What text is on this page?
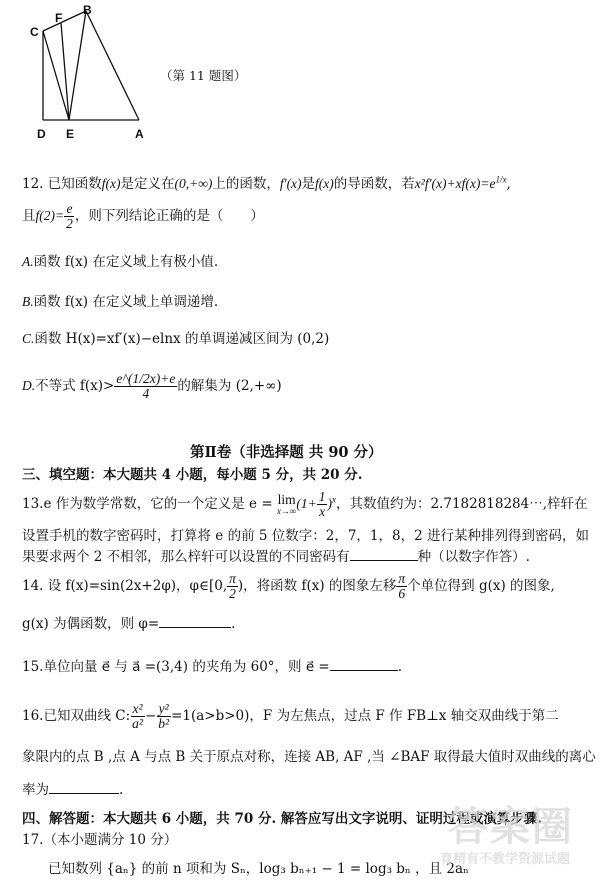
B
F
C
D E	A
（第 11 题图）
12. 已知函数f(x)是定义在(0,+∞)上的函数，f′(x)是f(x)的导函数，若$x^2f'(x)+xf(x)=e^{1/x}$,
且$f(2)= \frac{e}{2}$ ，则下列结论正确的是（　　）
A.函数 f(x) 在定义域上有极小值.
B.函数 f(x) 在定义域上单调递增.
C.函数 H(x)=xf′(x)−elnx 的单调递减区间为 (0,2)
D.不等式 $f(x)> \frac{e\^{}(1/2x)+e}{4}$ 的解集为 (2,+∞)
第Ⅱ卷（非选择题 共 90 分）
三、填空题：本大题共 4 小题，每小题 5 分，共 20 分.
13.e 作为数学常数，它的一个定义是 e = lim
x→∞ $(1+ \frac{1}{x} )^x$，其数值约为：2.7182818284⋯,梓轩在
设置手机的数字密码时，打算将 e 的前 5 位数字：2，7，1，8，2 进行某种排列得到密码，如
果要求两个 2 不相邻，那么梓轩可以设置的不同密码有	种（以数字作答）.
14. 设 f(x)=sin(2x+2φ)，φ∈[0, $\frac{\pi}{2}$ )，将函数 f(x) 的图象左移 $\frac{\pi}{6}$ 个单位得到 g(x) 的图象,
g(x) 为偶函数，则 φ=	.
15.单位向量 e⃗ 与 a⃗ =(3,4) 的夹角为 60°，则 e⃗ =	.
16.已知双曲线 C: $\frac{\text{x²}}{\text{a²}} - \frac{\text{y²}}{\text{b²}} =1(a>b>0)$，F 为左焦点，过点 F 作 FB⊥x 轴交双曲线于第二
象限内的点 B ,点 A 与点 B 关于原点对称，连接 AB, AF ,当 ∠BAF 取得最大值时双曲线的离心
率为	.
四、解答题：本大题共 6 小题，共 70 分. 解答应写出文字说明、证明过程或演算步骤.
17.（本小题满分 10 分）
已知数列 {aₙ} 的前 n 项和为 Sₙ，log₃ bₙ₊₁ − 1 = log₃ bₙ ，且 2aₙ
答案圈
育精有不教学资源试题
